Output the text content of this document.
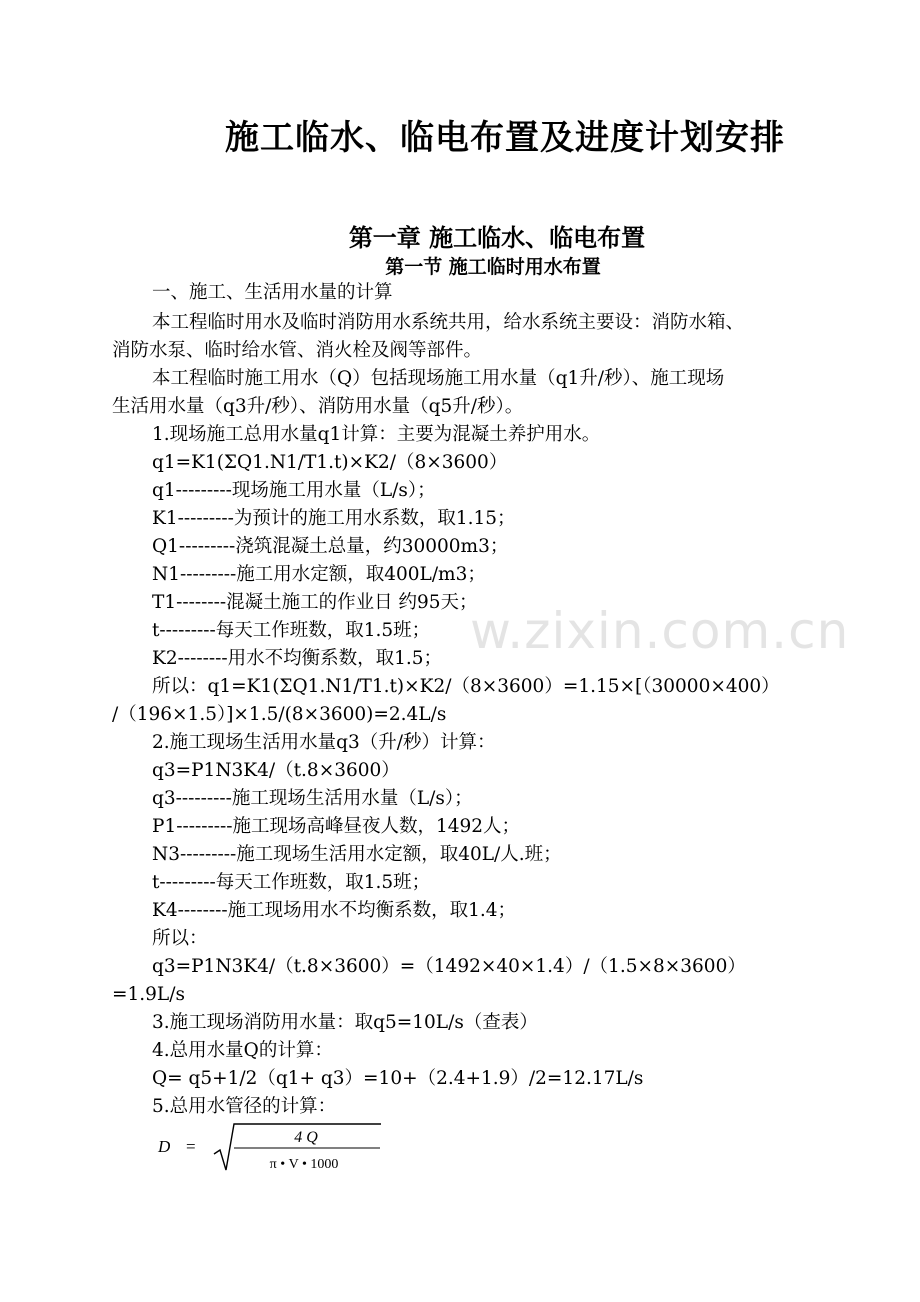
w.zixin.com.cn
施工临水、临电布置及进度计划安排
第一章 施工临水、临电布置
第一节 施工临时用水布置
一、施工、生活用水量的计算
本工程临时用水及临时消防用水系统共用，给水系统主要设：消防水箱、
消防水泵、临时给水管、消火栓及阀等部件。
本工程临时施工用水（Q）包括现场施工用水量（q1升/秒）、施工现场
生活用水量（q3升/秒）、消防用水量（q5升/秒）。
1.现场施工总用水量q1计算：主要为混凝土养护用水。
q1=K1(ΣQ1.N1/T1.t)×K2/（8×3600）
q1---------现场施工用水量（L/s）；
K1---------为预计的施工用水系数，取1.15；
Q1---------浇筑混凝土总量，约30000m3；
N1---------施工用水定额，取400L/m3；
T1--------混凝土施工的作业日 约95天；
t---------每天工作班数，取1.5班；
K2--------用水不均衡系数，取1.5；
所以：q1=K1(ΣQ1.N1/T1.t)×K2/（8×3600）=1.15×[（30000×400）
/（196×1.5）]×1.5/(8×3600)=2.4L/s
2.施工现场生活用水量q3（升/秒）计算：
q3=P1N3K4/（t.8×3600）
q3---------施工现场生活用水量（L/s）；
P1---------施工现场高峰昼夜人数，1492人；
N3---------施工现场生活用水定额，取40L/人.班；
t---------每天工作班数，取1.5班；
K4--------施工现场用水不均衡系数，取1.4；
所以：
q3=P1N3K4/（t.8×3600）=（1492×40×1.4）/（1.5×8×3600）
=1.9L/s
3.施工现场消防用水量：取q5=10L/s（查表）
4.总用水量Q的计算：
Q= q5+1/2（q1+ q3）=10+（2.4+1.9）/2=12.17L/s
5.总用水管径的计算：
D =	4 Q
π • V • 1000
